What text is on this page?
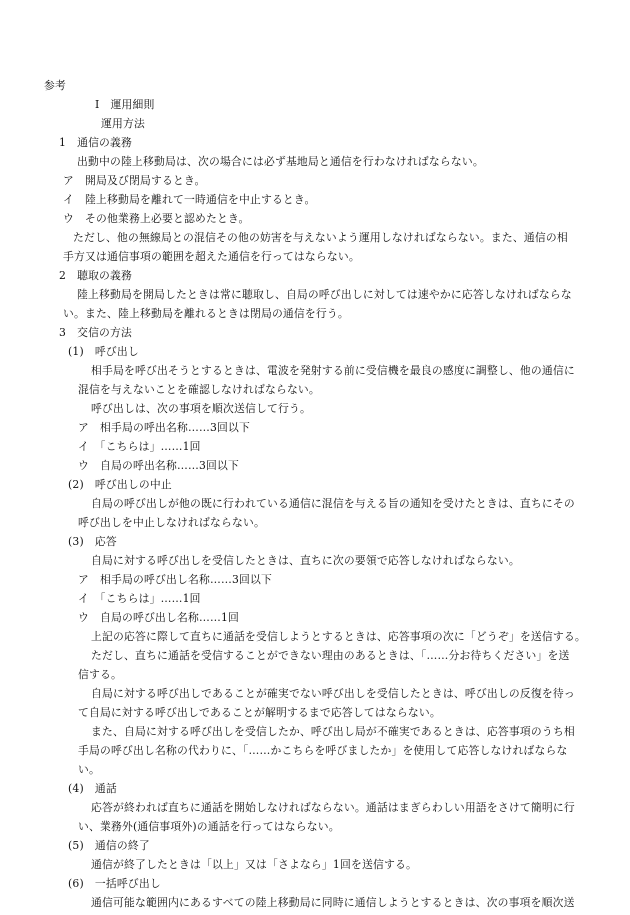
参考
Ⅰ　運用細則
運用方法
1　通信の義務
出動中の陸上移動局は、次の場合には必ず基地局と通信を行わなければならない。
ア　開局及び閉局するとき。
イ　陸上移動局を離れて一時通信を中止するとき。
ウ　その他業務上必要と認めたとき。
ただし、他の無線局との混信その他の妨害を与えないよう運用しなければならない。また、通信の相
手方又は通信事項の範囲を超えた通信を行ってはならない。
2　聴取の義務
陸上移動局を開局したときは常に聴取し、自局の呼び出しに対しては速やかに応答しなければならな
い。また、陸上移動局を離れるときは閉局の通信を行う。
3　交信の方法
(1)　呼び出し
相手局を呼び出そうとするときは、電波を発射する前に受信機を最良の感度に調整し、他の通信に
混信を与えないことを確認しなければならない。
呼び出しは、次の事項を順次送信して行う。
ア　相手局の呼出名称……3回以下
イ　「こちらは」……1回
ウ　自局の呼出名称……3回以下
(2)　呼び出しの中止
自局の呼び出しが他の既に行われている通信に混信を与える旨の通知を受けたときは、直ちにその
呼び出しを中止しなければならない。
(3)　応答
自局に対する呼び出しを受信したときは、直ちに次の要領で応答しなければならない。
ア　相手局の呼び出し名称……3回以下
イ　「こちらは」……1回
ウ　自局の呼び出し名称……1回
上記の応答に際して直ちに通話を受信しようとするときは、応答事項の次に「どうぞ」を送信する。
ただし、直ちに通話を受信することができない理由のあるときは、「……分お待ちください」を送
信する。
自局に対する呼び出しであることが確実でない呼び出しを受信したときは、呼び出しの反復を待っ
て自局に対する呼び出しであることが解明するまで応答してはならない。
また、自局に対する呼び出しを受信したか、呼び出し局が不確実であるときは、応答事項のうち相
手局の呼び出し名称の代わりに、「……かこちらを呼びましたか」を使用して応答しなければならな
い。
(4)　通話
応答が終われば直ちに通話を開始しなければならない。通話はまぎらわしい用語をさけて簡明に行
い、業務外(通信事項外)の通話を行ってはならない。
(5)　通信の終了
通信が終了したときは「以上」又は「さよなら」1回を送信する。
(6)　一括呼び出し
通信可能な範囲内にあるすべての陸上移動局に同時に通信しようとするときは、次の事項を順次送
